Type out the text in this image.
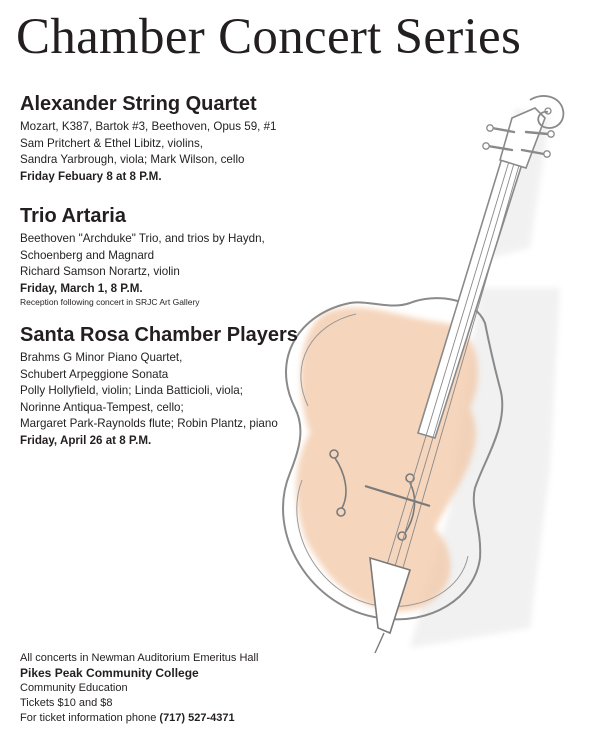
Chamber Concert Series
Alexander String Quartet
Mozart, K387, Bartok #3, Beethoven, Opus 59, #1
Sam Pritchert & Ethel Libitz, violins,
Sandra Yarbrough, viola; Mark Wilson, cello
Friday Febuary 8 at 8 P.M.
Trio Artaria
Beethoven "Archduke" Trio, and trios by Haydn,
Schoenberg and Magnard
Richard Samson Norartz, violin
Friday, March 1, 8 P.M.
Reception following concert in SRJC Art Gallery
Santa Rosa Chamber Players
Brahms G Minor Piano Quartet,
Schubert Arpeggione Sonata
Polly Hollyfield, violin; Linda Batticioli, viola;
Norinne Antiqua-Tempest, cello;
Margaret Park-Raynolds flute; Robin Plantz, piano
Friday, April 26 at 8 P.M.
All concerts in Newman Auditorium Emeritus Hall
Pikes Peak Community College
Community Education
Tickets $10 and $8
For ticket information phone (717) 527-4371
